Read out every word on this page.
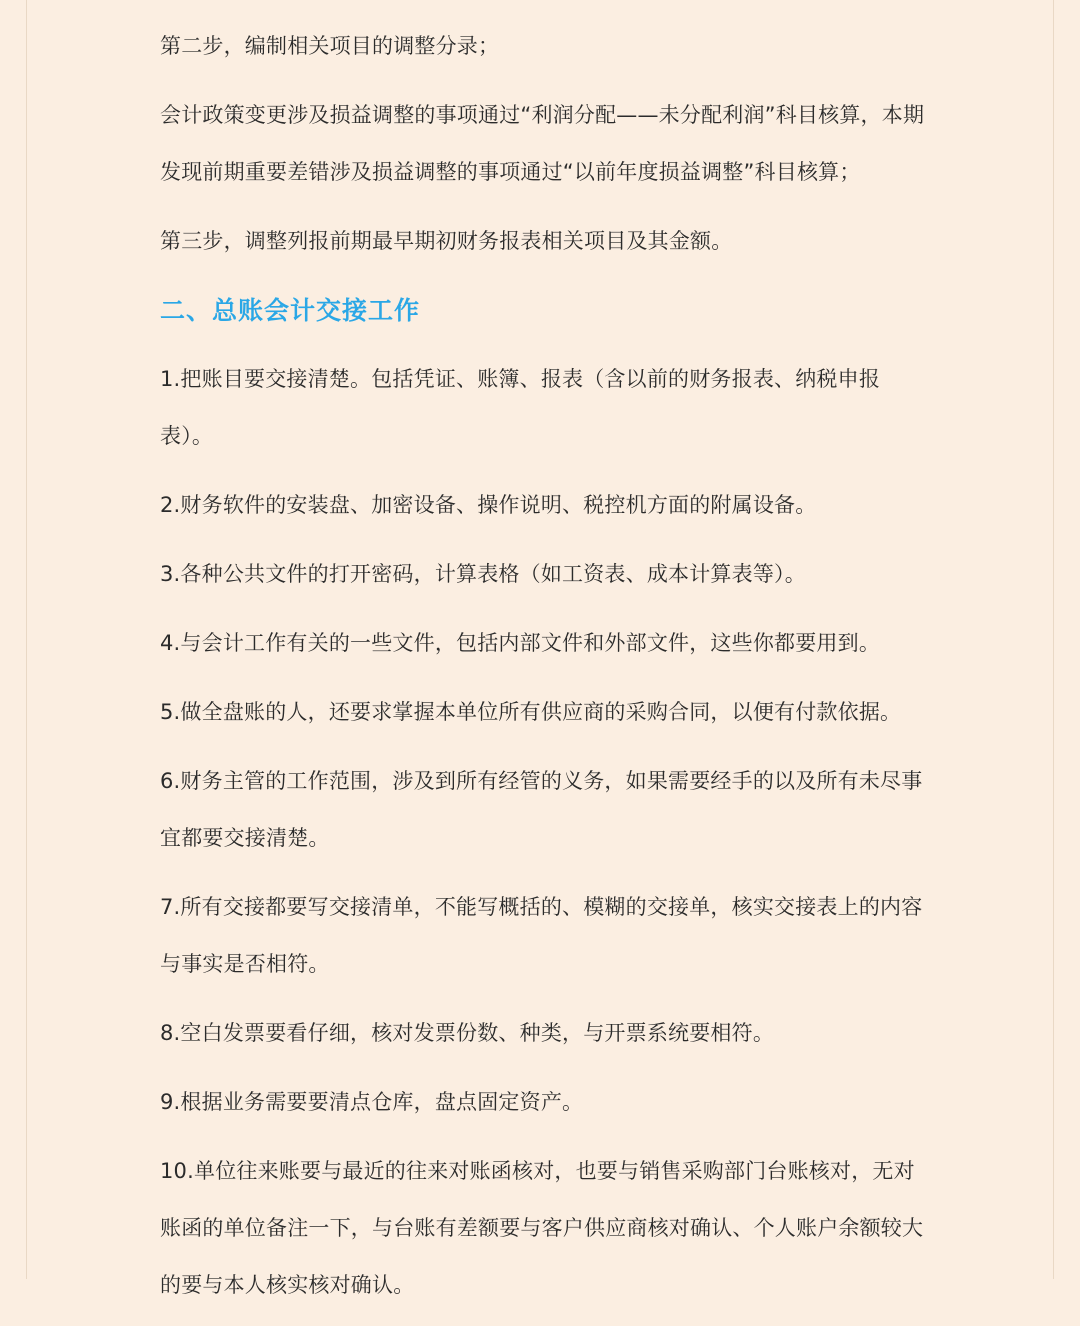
第二步，编制相关项目的调整分录；

会计政策变更涉及损益调整的事项通过“利润分配——未分配利润”科目核算，本期发现前期重要差错涉及损益调整的事项通过“以前年度损益调整”科目核算；

第三步，调整列报前期最早期初财务报表相关项目及其金额。

二、总账会计交接工作

1.把账目要交接清楚。包括凭证、账簿、报表（含以前的财务报表、纳税申报表）。

2.财务软件的安装盘、加密设备、操作说明、税控机方面的附属设备。

3.各种公共文件的打开密码，计算表格（如工资表、成本计算表等）。

4.与会计工作有关的一些文件，包括内部文件和外部文件，这些你都要用到。

5.做全盘账的人，还要求掌握本单位所有供应商的采购合同，以便有付款依据。

6.财务主管的工作范围，涉及到所有经管的义务，如果需要经手的以及所有未尽事宜都要交接清楚。

7.所有交接都要写交接清单，不能写概括的、模糊的交接单，核实交接表上的内容与事实是否相符。

8.空白发票要看仔细，核对发票份数、种类，与开票系统要相符。

9.根据业务需要要清点仓库，盘点固定资产。

10.单位往来账要与最近的往来对账函核对，也要与销售采购部门台账核对，无对账函的单位备注一下，与台账有差额要与客户供应商核对确认、个人账户余额较大的要与本人核实核对确认。
